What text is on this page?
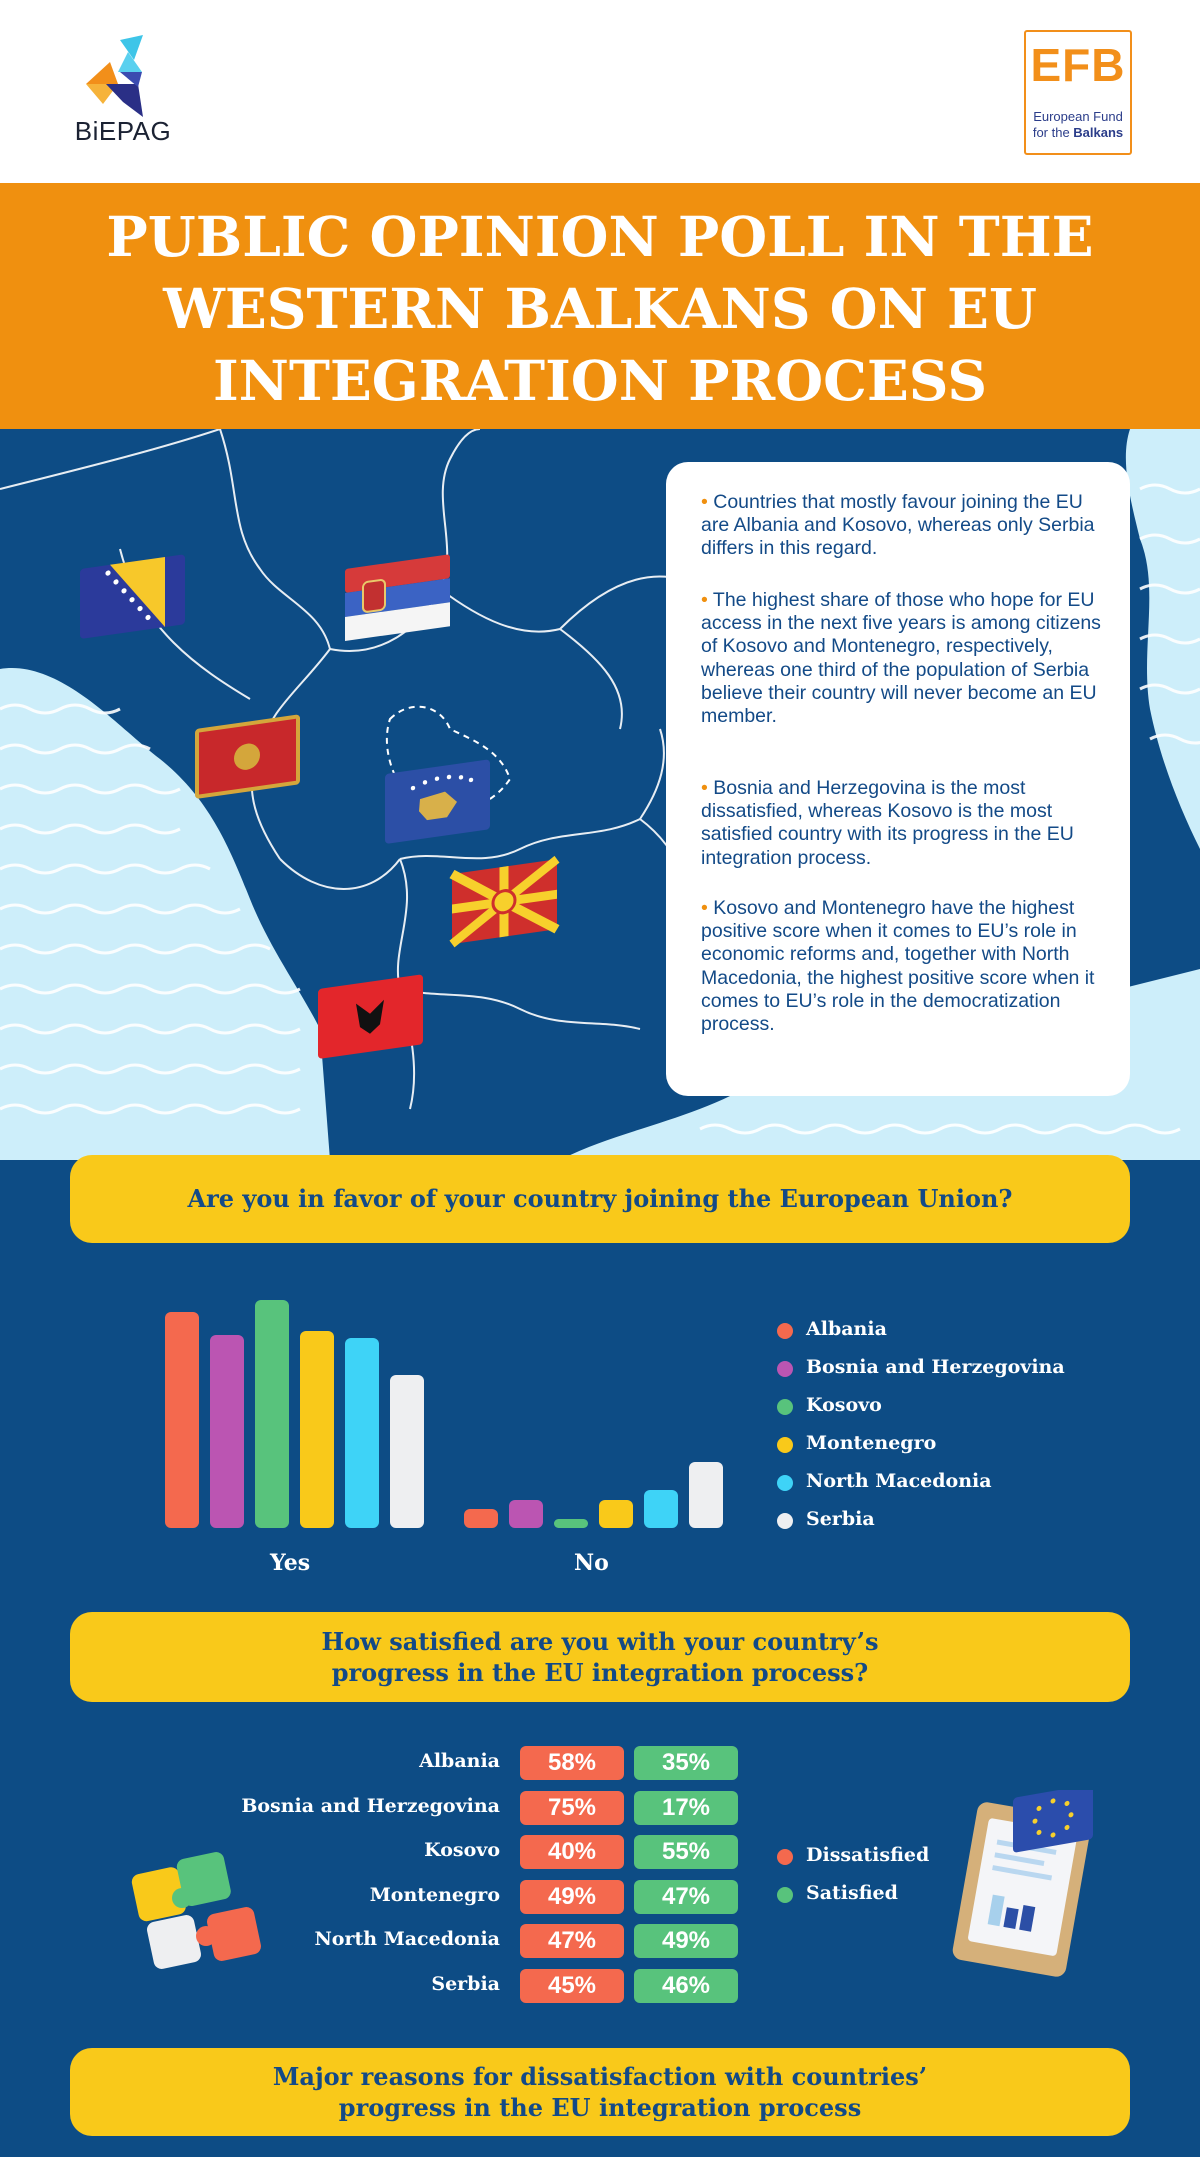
BiEPAG
EFB
European Fund
for the Balkans
PUBLIC OPINION POLL IN THE
WESTERN BALKANS ON EU
INTEGRATION PROCESS
• Countries that mostly favour joining the EU are Albania and Kosovo, whereas only Serbia differs in this regard.
• The highest share of those who hope for EU access in the next five years is among citizens of Kosovo and Montenegro, respectively, whereas one third of the population of Serbia believe their country will never become an EU member.
• Bosnia and Herzegovina is the most dissatisfied, whereas Kosovo is the most satisfied country with its progress in the EU integration process.
• Kosovo and Montenegro have the highest positive score when it comes to EU’s role in economic reforms and, together with North Macedonia, the highest positive score when it comes to EU’s role in the democratization process.
Are you in favor of your country joining the European Union?
Yes	No
Albania
Bosnia and Herzegovina
Kosovo
Montenegro
North Macedonia
Serbia
How satisfied are you with your country’s
progress in the EU integration process?
Albania	58%	35%
Bosnia and Herzegovina	75%	17%
Kosovo	40%	55%
Montenegro	49%	47%
North Macedonia	47%	49%
Serbia	45%	46%
Dissatisfied
Satisfied
Major reasons for dissatisfaction with countries’
progress in the EU integration process
